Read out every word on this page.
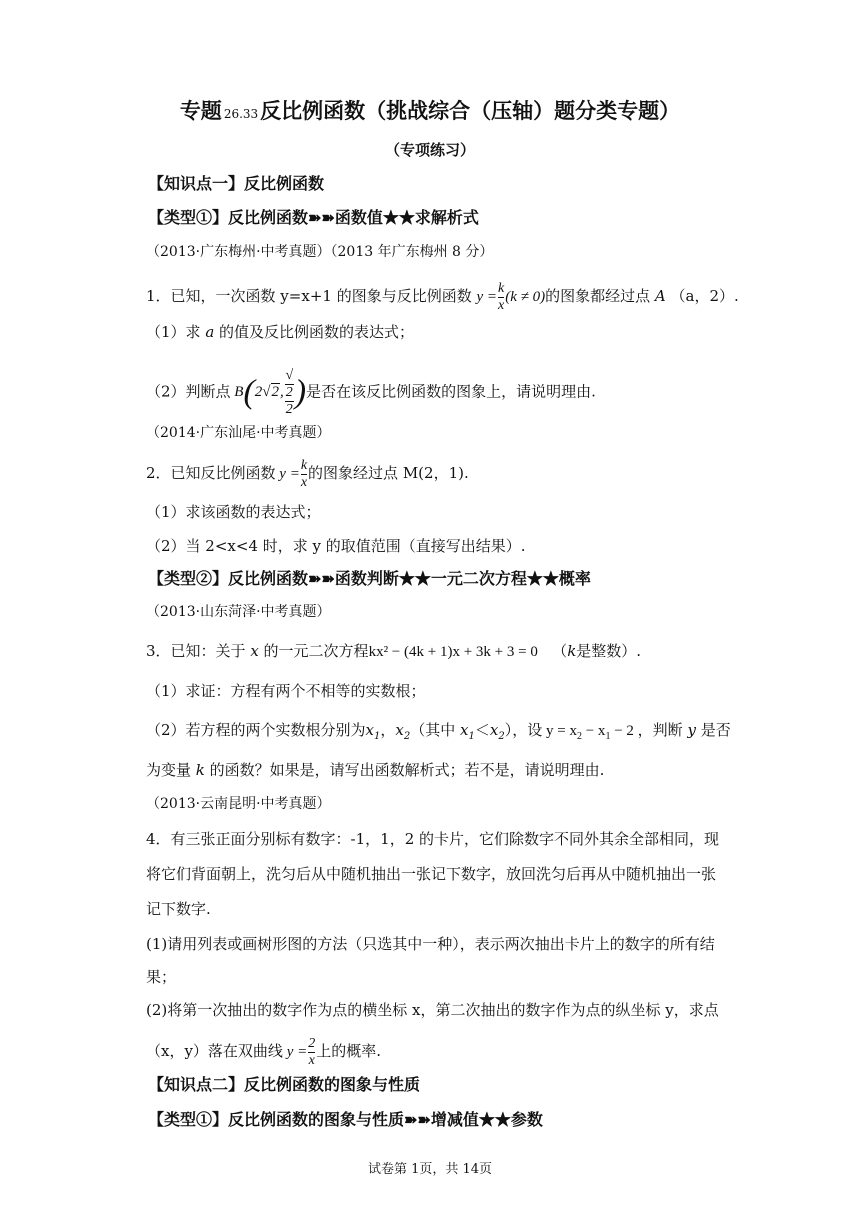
专题 26.33反比例函数（挑战综合（压轴）题分类专题）
（专项练习）
【知识点一】反比例函数
【类型①】反比例函数➽➽函数值★★求解析式
（2013·广东梅州·中考真题）（2013 年广东梅州 8 分）
1．已知，一次函数 y=x+1 的图象与反比例函数 $y = \frac{k}{x} (k \ne 0)$的图象都经过点 A （a，2）.
（1）求 a 的值及反比例函数的表达式；
（2）判断点 B(2√2, √
2
2 )是否在该反比例函数的图象上，请说明理由.
（2014·广东汕尾·中考真题）
2．已知反比例函数 $y = \frac{k}{x}$ 的图象经过点 M(2，1).
（1）求该函数的表达式；
（2）当 2<x<4 时，求 y 的取值范围（直接写出结果）.
【类型②】反比例函数➽➽函数判断★★一元二次方程★★概率
（2013·山东菏泽·中考真题）
3．已知：关于 x 的一元二次方程kx² − (4k + 1)x + 3k + 3 = 0 （k是整数）.
（1）求证：方程有两个不相等的实数根；
（2）若方程的两个实数根分别为$x_1$，$x_2$（其中 $x_1<x_2$），设 $y = x_2 - x_1 - 2$ ，判断 y 是否
为变量 k 的函数？如果是，请写出函数解析式；若不是，请说明理由.
（2013·云南昆明·中考真题）
4．有三张正面分别标有数字：-1，1，2 的卡片，它们除数字不同外其余全部相同，现
将它们背面朝上，洗匀后从中随机抽出一张记下数字，放回洗匀后再从中随机抽出一张
记下数字.
(1)请用列表或画树形图的方法（只选其中一种），表示两次抽出卡片上的数字的所有结
果；
(2)将第一次抽出的数字作为点的横坐标 x，第二次抽出的数字作为点的纵坐标 y，求点
（x，y）落在双曲线 $y = \frac{2}{x}$ 上的概率.
【知识点二】反比例函数的图象与性质
【类型①】反比例函数的图象与性质➽➽增减值★★参数
试卷第 1页，共 14页
